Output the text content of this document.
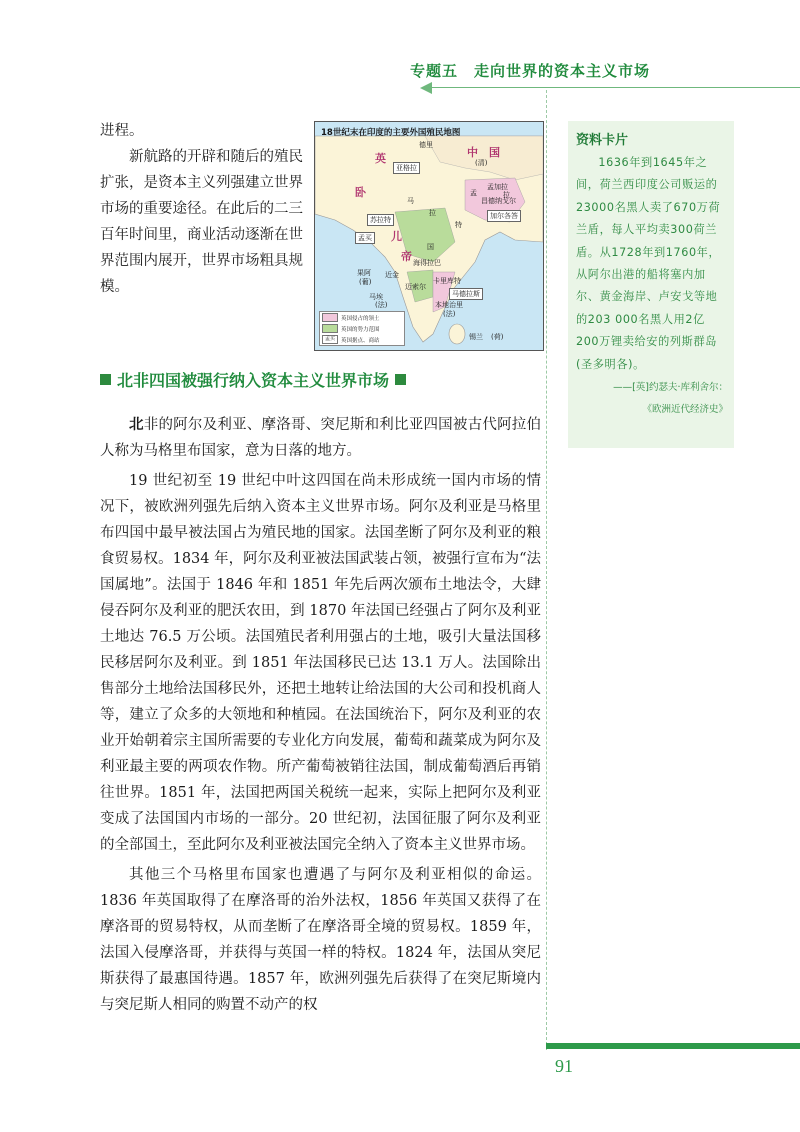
专题五　走向世界的资本主义市场

进程。

新航路的开辟和随后的殖民扩张，是资本主义列强建立世界市场的重要途径。在此后的二三百年时间里，商业活动逐渐在世界范围内展开，世界市场粗具规模。

18世纪末在印度的主要外国殖民地图
德里
中　国
(清)
英
亚格拉
孟加拉
孟	拉
昌德纳戈尔
卧
苏拉特
马
拉
孟买
特
加尔各答
儿
帝
国
海得拉巴
果阿
(葡)
马德拉斯
卡里库特
本地治里
(法)
马埃
(法)
迈索尔
锡兰 (荷)
近金
英国侵占的领土
英国的势力范围
孟买	英国据点、商站
资料卡片
1636年到1645年之间，荷兰西印度公司贩运的23000名黑人卖了670万荷兰盾，每人平均卖300荷兰盾。从1728年到1760年，从阿尔出港的船将塞内加尔、黄金海岸、卢安戈等地的203 000名黑人用2亿200万锂卖给安的列斯群岛(圣多明各)。
——[英]约瑟夫·库利舍尔：
《欧洲近代经济史》
北非四国被强行纳入资本主义世界市场

北非的阿尔及利亚、摩洛哥、突尼斯和利比亚四国被古代阿拉伯人称为马格里布国家，意为日落的地方。

19 世纪初至 19 世纪中叶这四国在尚未形成统一国内市场的情况下，被欧洲列强先后纳入资本主义世界市场。阿尔及利亚是马格里布四国中最早被法国占为殖民地的国家。法国垄断了阿尔及利亚的粮食贸易权。1834 年，阿尔及利亚被法国武装占领，被强行宣布为“法国属地”。法国于 1846 年和 1851 年先后两次颁布土地法令，大肆侵吞阿尔及利亚的肥沃农田，到 1870 年法国已经强占了阿尔及利亚土地达 76.5 万公顷。法国殖民者利用强占的土地，吸引大量法国移民移居阿尔及利亚。到 1851 年法国移民已达 13.1 万人。法国除出售部分土地给法国移民外，还把土地转让给法国的大公司和投机商人等，建立了众多的大领地和种植园。在法国统治下，阿尔及利亚的农业开始朝着宗主国所需要的专业化方向发展，葡萄和蔬菜成为阿尔及利亚最主要的两项农作物。所产葡萄被销往法国，制成葡萄酒后再销往世界。1851 年，法国把两国关税统一起来，实际上把阿尔及利亚变成了法国国内市场的一部分。20 世纪初，法国征服了阿尔及利亚的全部国土，至此阿尔及利亚被法国完全纳入了资本主义世界市场。

其他三个马格里布国家也遭遇了与阿尔及利亚相似的命运。1836 年英国取得了在摩洛哥的治外法权，1856 年英国又获得了在摩洛哥的贸易特权，从而垄断了在摩洛哥全境的贸易权。1859 年，法国入侵摩洛哥，并获得与英国一样的特权。1824 年，法国从突尼斯获得了最惠国待遇。1857 年，欧洲列强先后获得了在突尼斯境内与突尼斯人相同的购置不动产的权

91
